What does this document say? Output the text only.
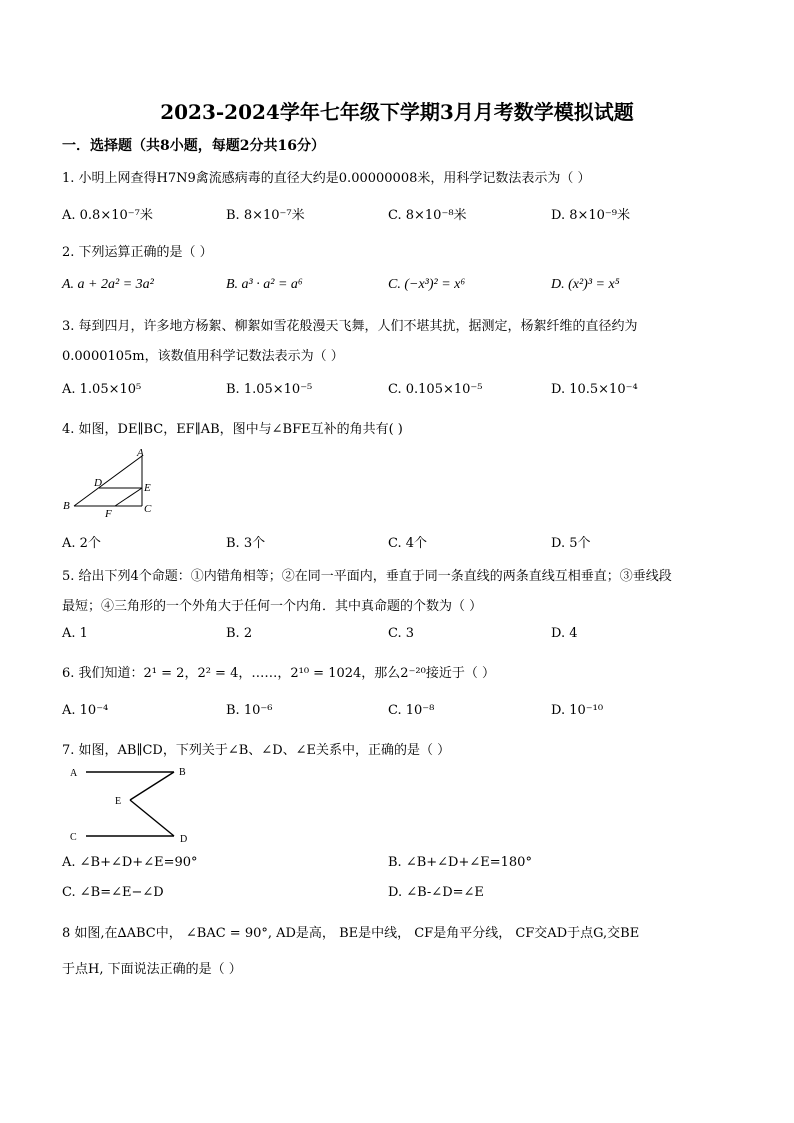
2023-2024学年七年级下学期3月月考数学模拟试题
一．选择题（共8小题，每题2分共16分）
1. 小明上网查得H7N9禽流感病毒的直径大约是0.00000008米，用科学记数法表示为（ ）
A. 0.8×10⁻⁷米	B. 8×10⁻⁷米	C. 8×10⁻⁸米	D. 8×10⁻⁹米
2. 下列运算正确的是（ ）
A. a + 2a² = 3a²	B. a³ · a² = a⁶	C. (−x³)² = x⁶	D. (x²)³ = x⁵
3. 每到四月，许多地方杨絮、柳絮如雪花般漫天飞舞，人们不堪其扰，据测定，杨絮纤维的直径约为
0.0000105m，该数值用科学记数法表示为（ ）
A. 1.05×10⁵	B. 1.05×10⁻⁵	C. 0.105×10⁻⁵	D. 10.5×10⁻⁴
4. 如图，DE∥BC，EF∥AB，图中与∠BFE互补的角共有( )
A
B	C
D	E
F
A. 2个	B. 3个	C. 4个	D. 5个
5. 给出下列4个命题：①内错角相等；②在同一平面内，垂直于同一条直线的两条直线互相垂直；③垂线段
最短；④三角形的一个外角大于任何一个内角．其中真命题的个数为（ ）
A. 1	B. 2	C. 3	D. 4
6. 我们知道：2¹ = 2，2² = 4，……，2¹⁰ = 1024，那么2⁻²⁰接近于（ ）
A. 10⁻⁴	B. 10⁻⁶	C. 10⁻⁸	D. 10⁻¹⁰
7. 如图，AB∥CD，下列关于∠B、∠D、∠E关系中，正确的是（ ）
A	B
C	D
E
A. ∠B+∠D+∠E=90°	B. ∠B+∠D+∠E=180°
C. ∠B=∠E−∠D	D. ∠B-∠D=∠E
8 如图,在∆ABC中， ∠BAC = 90°, AD是高， BE是中线， CF是角平分线， CF交AD于点G,交BE
于点H, 下面说法正确的是（ ）
